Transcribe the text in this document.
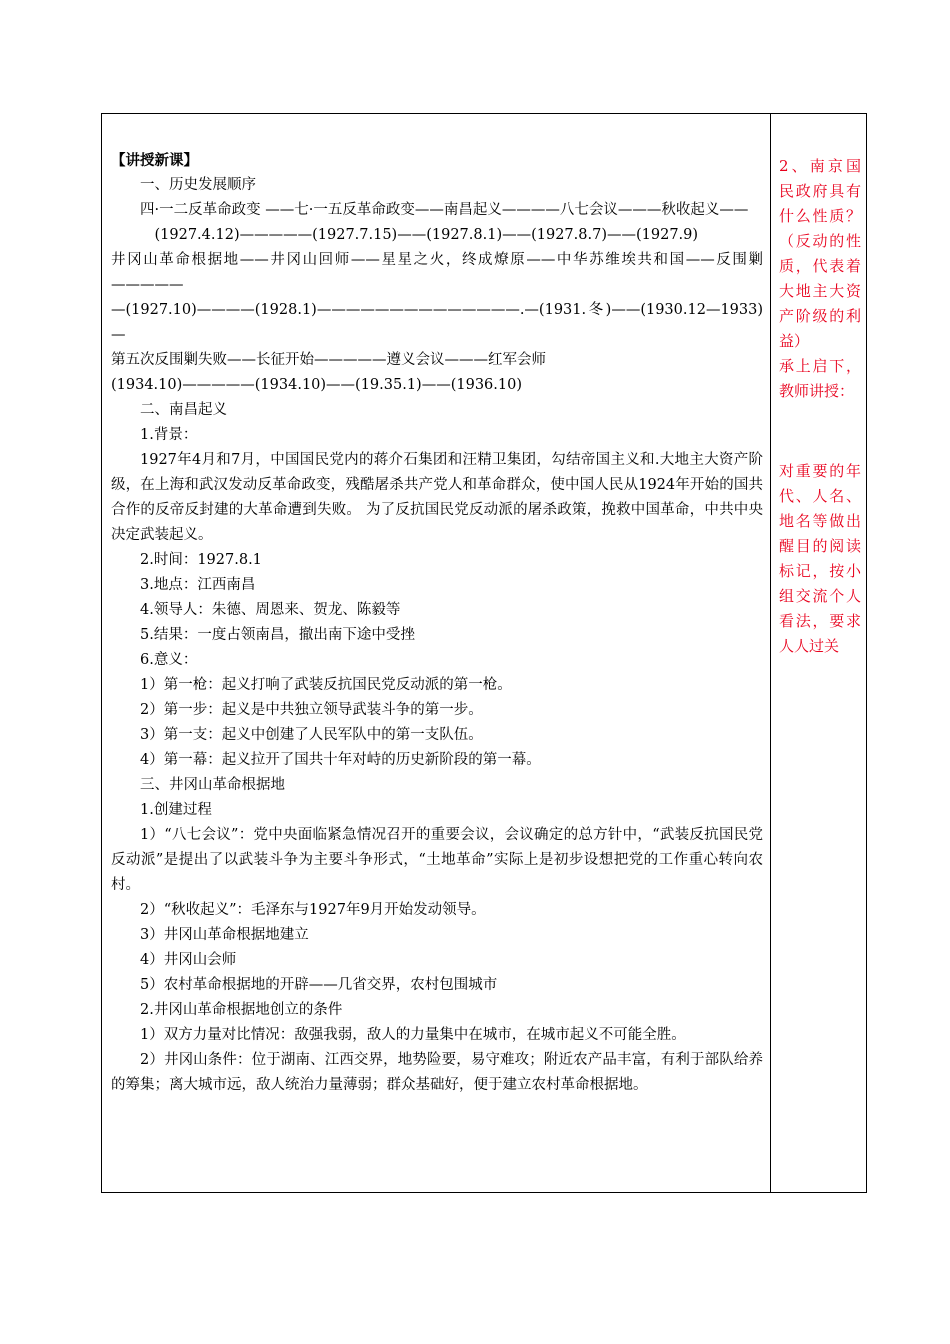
【讲授新课】

一、历史发展顺序

四·一二反革命政变 ——七·一五反革命政变——南昌起义————八七会议———秋收起义——

　　　(1927.4.12)—————(1927.7.15)——(1927.8.1)——(1927.8.7)——(1927.9)

井冈山革命根据地——井冈山回师——星星之火，终成燎原——中华苏维埃共和国——反围剿—————

—(1927.10)————(1928.1)——————————————.—(1931.冬)——(1930.12—1933)—

第五次反围剿失败——长征开始—————遵义会议———红军会师

(1934.10)—————(1934.10)——(19.35.1)——(1936.10)

二、南昌起义

1.背景：

1927年4月和7月，中国国民党内的蒋介石集团和汪精卫集团，勾结帝国主义和.大地主大资产阶级，在上海和武汉发动反革命政变，残酷屠杀共产党人和革命群众，使中国人民从1924年开始的国共合作的反帝反封建的大革命遭到失败。 为了反抗国民党反动派的屠杀政策，挽救中国革命，中共中央决定武装起义。

2.时间：1927.8.1

3.地点：江西南昌

4.领导人：朱德、周恩来、贺龙、陈毅等

5.结果：一度占领南昌，撤出南下途中受挫

6.意义：

1）第一枪：起义打响了武装反抗国民党反动派的第一枪。

2）第一步：起义是中共独立领导武装斗争的第一步。

3）第一支：起义中创建了人民军队中的第一支队伍。

4）第一幕：起义拉开了国共十年对峙的历史新阶段的第一幕。

三、井冈山革命根据地

1.创建过程

1）“八七会议”：党中央面临紧急情况召开的重要会议，会议确定的总方针中，“武装反抗国民党反动派”是提出了以武装斗争为主要斗争形式，“土地革命”实际上是初步设想把党的工作重心转向农村。

2）“秋收起义”：毛泽东与1927年9月开始发动领导。

3）井冈山革命根据地建立

4）井冈山会师

5）农村革命根据地的开辟——几省交界，农村包围城市

2.井冈山革命根据地创立的条件

1）双方力量对比情况：敌强我弱，敌人的力量集中在城市，在城市起义不可能全胜。

2）井冈山条件：位于湖南、江西交界，地势险要，易守难攻；附近农产品丰富，有利于部队给养的筹集；离大城市远，敌人统治力量薄弱；群众基础好，便于建立农村革命根据地。

2、南京国民政府具有什么性质？（反动的性质，代表着大地主大资产阶级的利益）

承上启下，教师讲授：

对重要的年代、人名、地名等做出醒目的阅读标记，按小组交流个人看法，要求人人过关
